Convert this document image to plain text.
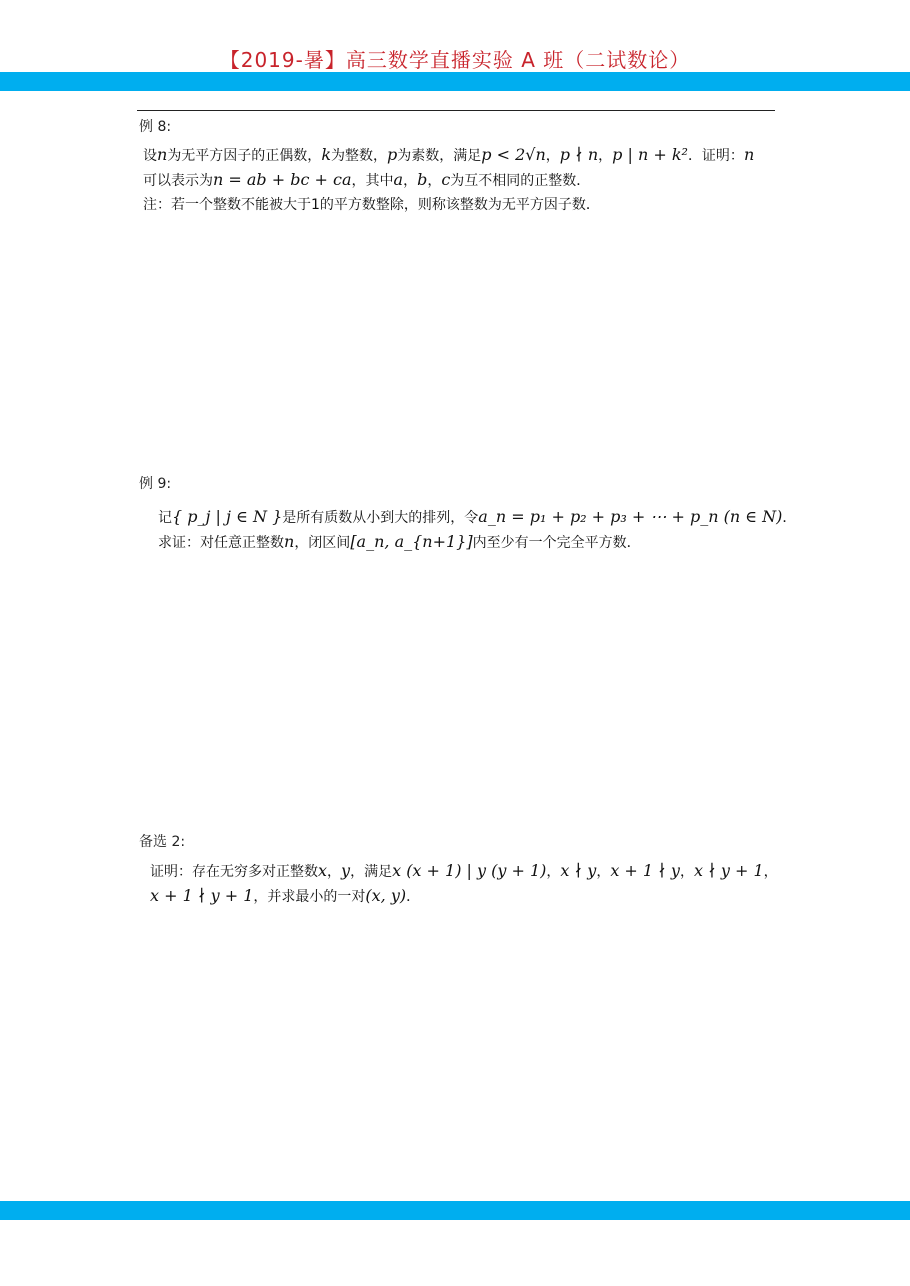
【2019-暑】高三数学直播实验 A 班（二试数论）
例 8:
设n为无平方因子的正偶数，k为整数，p为素数，满足p < 2√n，p ∤ n，p | n + k²．证明：n
可以表示为n = ab + bc + ca，其中a，b，c为互不相同的正整数．
注：若一个整数不能被大于1的平方数整除，则称该整数为无平方因子数．
例 9:
记{ p_j | j ∈ N }是所有质数从小到大的排列，令a_n = p₁ + p₂ + p₃ + ⋯ + p_n (n ∈ N)．
求证：对任意正整数n，闭区间[a_n, a_{n+1}]内至少有一个完全平方数．
备选 2:
证明：存在无穷多对正整数x，y，满足x (x + 1) | y (y + 1)，x ∤ y，x + 1 ∤ y，x ∤ y + 1，
x + 1 ∤ y + 1，并求最小的一对(x, y)．
